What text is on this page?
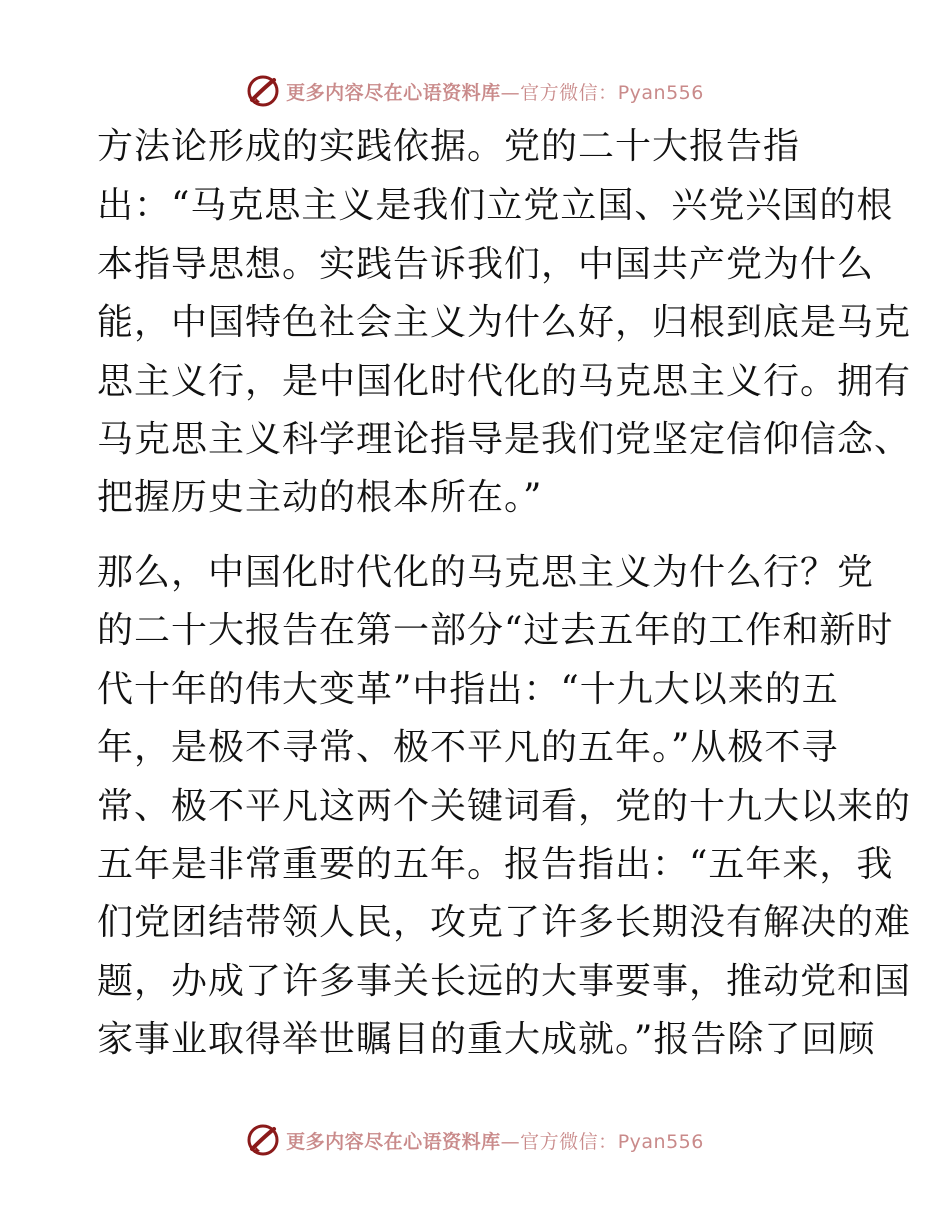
更多内容尽在心语资料库—官方微信：Pyan556
方法论形成的实践依据。党的二十大报告指
出：“马克思主义是我们立党立国、兴党兴国的根
本指导思想。实践告诉我们，中国共产党为什么
能，中国特色社会主义为什么好，归根到底是马克
思主义行，是中国化时代化的马克思主义行。拥有
马克思主义科学理论指导是我们党坚定信仰信念、
把握历史主动的根本所在。”
那么，中国化时代化的马克思主义为什么行？党
的二十大报告在第一部分“过去五年的工作和新时
代十年的伟大变革”中指出：“十九大以来的五
年，是极不寻常、极不平凡的五年。”从极不寻
常、极不平凡这两个关键词看，党的十九大以来的
五年是非常重要的五年。报告指出：“五年来，我
们党团结带领人民，攻克了许多长期没有解决的难
题，办成了许多事关长远的大事要事，推动党和国
家事业取得举世瞩目的重大成就。”报告除了回顾
更多内容尽在心语资料库—官方微信：Pyan556
